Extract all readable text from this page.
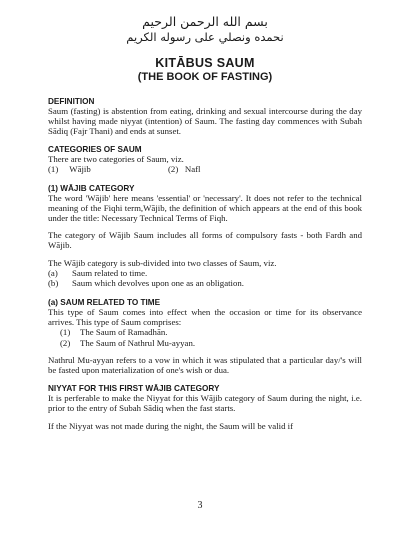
بسم الله الرحمن الرحيم
نحمده ونصلي على رسوله الكريم
KITĀBUS SAUM
(THE BOOK OF FASTING)
DEFINITION

Saum (fasting) is abstention from eating, drinking and sexual intercourse during the day whilst having made niyyat (intention) of Saum. The fasting day commences with Subah Sādiq (Fajr Thani) and ends at sunset.

CATEGORIES OF SAUM

There are two categories of Saum, viz.

(1) Wājib	(2) Nafl
(1) WĀJIB CATEGORY

The word 'Wājib' here means 'essential' or 'necessary'. It does not refer to the technical meaning of the Fiqhi term,Wājib, the definition of which appears at the end of this book under the title: Necessary Technical Terms of Fiqh.

The category of Wājib Saum includes all forms of compulsory fasts - both Fardh and Wājib.

The Wājib category is sub-divided into two classes of Saum, viz.

(a)	Saum related to time.
(b)	Saum which devolves upon one as an obligation.
(a) SAUM RELATED TO TIME

This type of Saum comes into effect when the occasion or time for its observance arrives. This type of Saum comprises:

(1)	The Saum of Ramadhān.
(2)	The Saum of Nathrul Mu-ayyan.

Nathrul Mu-ayyan refers to a vow in which it was stipulated that a particular day/'s will be fasted upon materialization of one's wish or dua.

NIYYAT FOR THIS FIRST WĀJIB CATEGORY

It is perferable to make the Niyyat for this Wājib category of Saum during the night, i.e. prior to the entry of Subah Sādiq when the fast starts.

If the Niyyat was not made during the night, the Saum will be valid if

3
